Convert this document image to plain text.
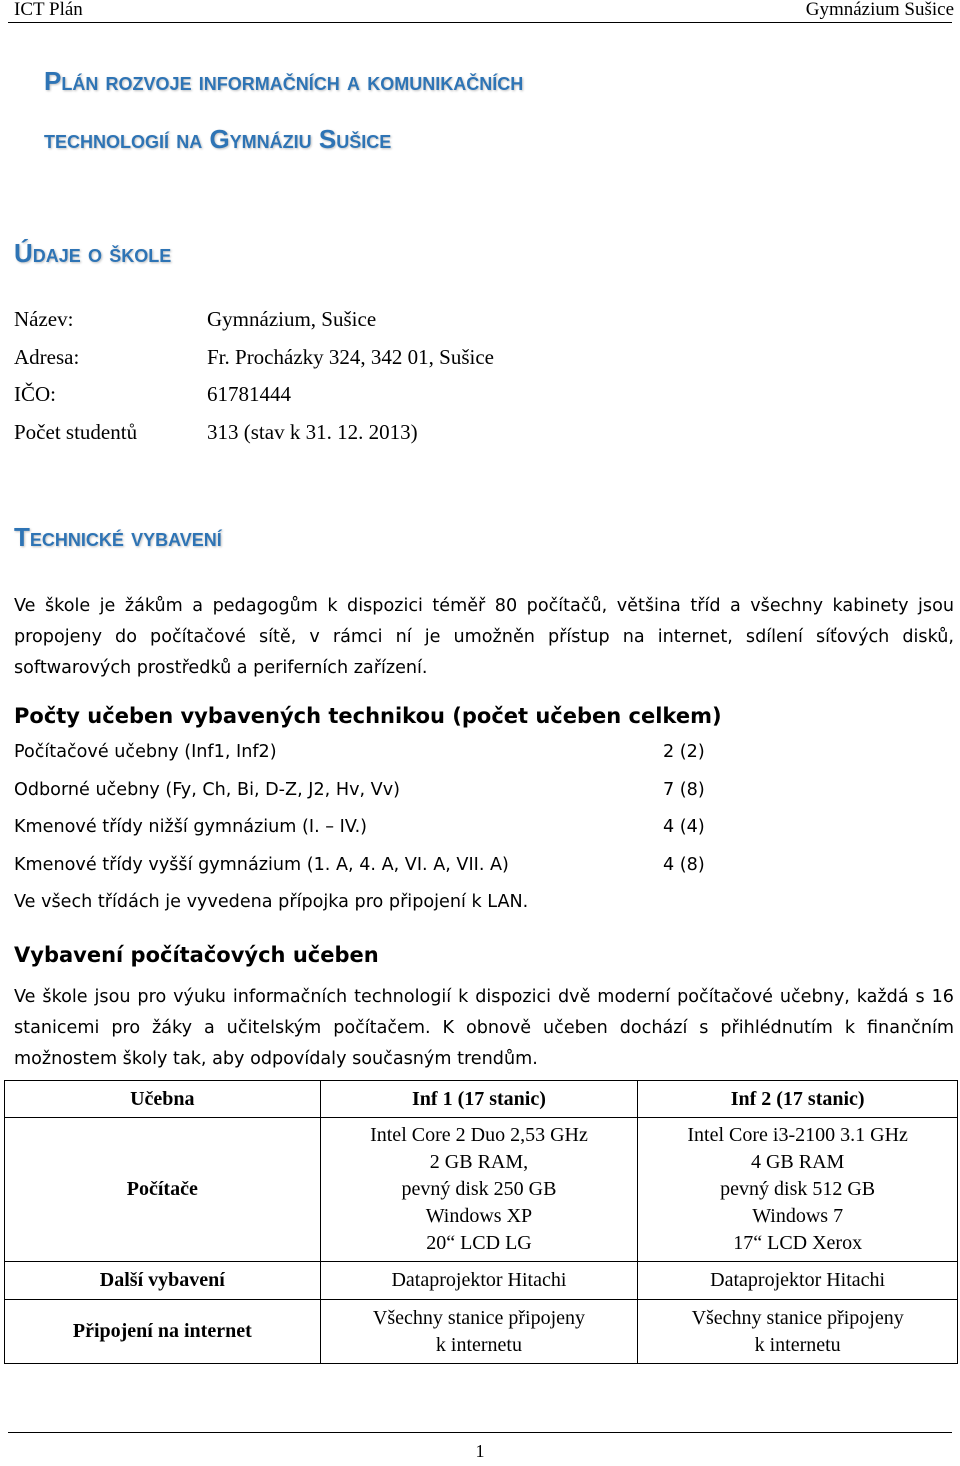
ICT Plán	Gymnázium Sušice
Plán rozvoje informačních a komunikačních
technologií na Gymnáziu Sušice
Údaje o škole
Název:	Gymnázium, Sušice
Adresa:	Fr. Procházky 324, 342 01, Sušice
IČO:	61781444
Počet studentů	313 (stav k 31. 12. 2013)
Technické vybavení

Ve škole je žákům a pedagogům k dispozici téměř 80 počítačů, většina tříd a všechny kabinety jsou propojeny do počítačové sítě, v rámci ní je umožněn přístup na internet, sdílení síťových disků, softwarových prostředků a periferních zařízení.

Počty učeben vybavených technikou (počet učeben celkem)
Počítačové učebny (Inf1, Inf2)	2 (2)
Odborné učebny (Fy, Ch, Bi, D-Z, J2, Hv, Vv)	7 (8)
Kmenové třídy nižší gymnázium (I. – IV.)	4 (4)
Kmenové třídy vyšší gymnázium (1. A, 4. A, VI. A, VII. A)	4 (8)
Ve všech třídách je vyvedena přípojka pro připojení k LAN.
Vybavení počítačových učeben

Ve škole jsou pro výuku informačních technologií k dispozici dvě moderní počítačové učebny, každá s 16 stanicemi pro žáky a učitelským počítačem. K obnově učeben dochází s přihlédnutím k finančním možnostem školy tak, aby odpovídaly současným trendům.

Učebna	Inf 1 (17 stanic)	Inf 2 (17 stanic)
Počítače	Intel Core 2 Duo 2,53 GHz
2 GB RAM,
pevný disk 250 GB
Windows XP
20“ LCD LG	Intel Core i3-2100 3.1 GHz
4 GB RAM
pevný disk 512 GB
Windows 7
17“ LCD Xerox

Další vybavení	Dataprojektor Hitachi	Dataprojektor Hitachi
Připojení na internet	Všechny stanice připojeny
k internetu	Všechny stanice připojeny
k internetu
1
